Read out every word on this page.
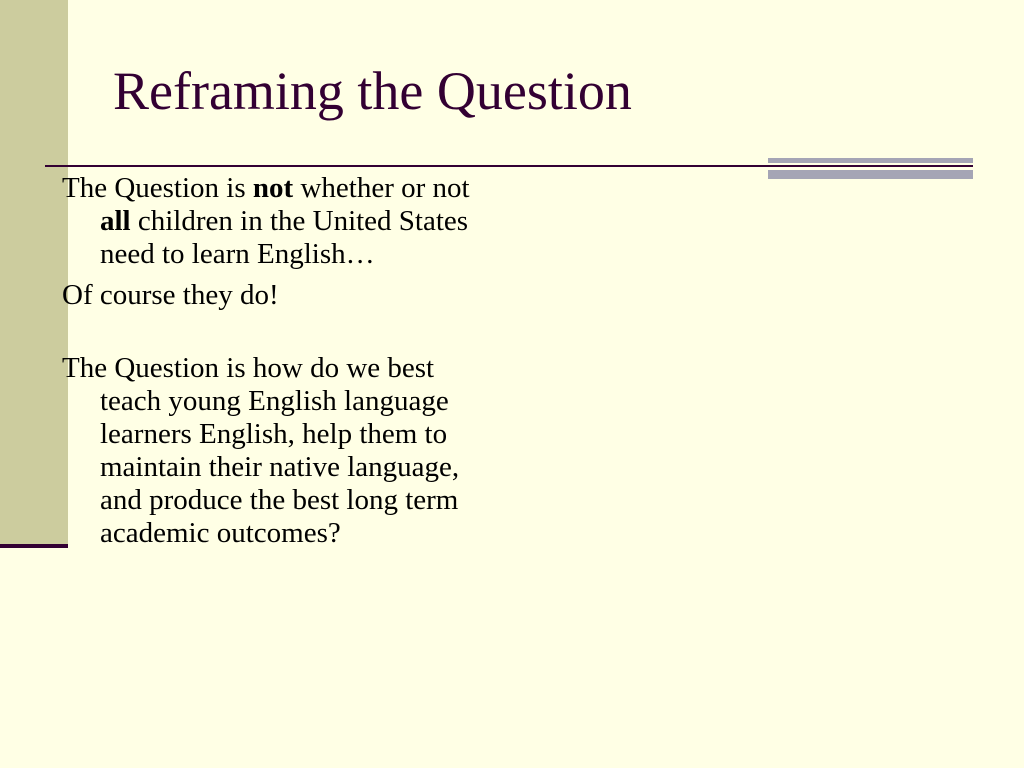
Reframing the Question

The Question is not whether or not all children in the United States need to learn English…

Of course they do!

The Question is how do we best teach young English language learners English, help them to maintain their native language, and produce the best long term academic outcomes?
